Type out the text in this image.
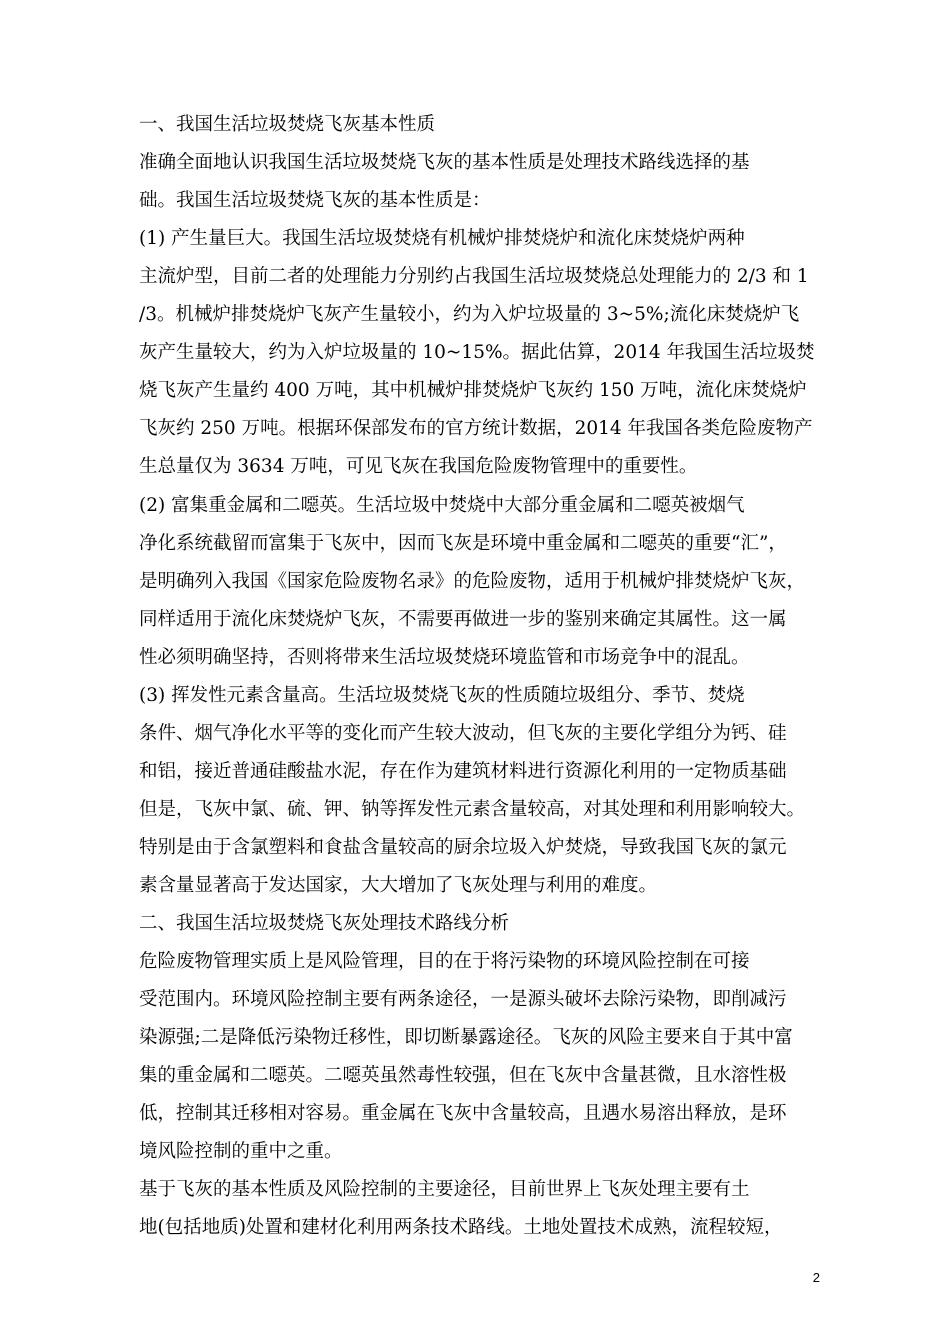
一、我国生活垃圾焚烧飞灰基本性质
准确全面地认识我国生活垃圾焚烧飞灰的基本性质是处理技术路线选择的基
础。我国生活垃圾焚烧飞灰的基本性质是：
(1) 产生量巨大。我国生活垃圾焚烧有机械炉排焚烧炉和流化床焚烧炉两种
主流炉型，目前二者的处理能力分别约占我国生活垃圾焚烧总处理能力的 2/3 和 1
/3。机械炉排焚烧炉飞灰产生量较小，约为入炉垃圾量的 3~5%;流化床焚烧炉飞
灰产生量较大，约为入炉垃圾量的 10~15%。据此估算，2014 年我国生活垃圾焚
烧飞灰产生量约 400 万吨，其中机械炉排焚烧炉飞灰约 150 万吨，流化床焚烧炉
飞灰约 250 万吨。根据环保部发布的官方统计数据，2014 年我国各类危险废物产
生总量仅为 3634 万吨，可见飞灰在我国危险废物管理中的重要性。
(2) 富集重金属和二噁英。生活垃圾中焚烧中大部分重金属和二噁英被烟气
净化系统截留而富集于飞灰中，因而飞灰是环境中重金属和二噁英的重要“汇”，
是明确列入我国《国家危险废物名录》的危险废物，适用于机械炉排焚烧炉飞灰，
同样适用于流化床焚烧炉飞灰，不需要再做进一步的鉴别来确定其属性。这一属
性必须明确坚持，否则将带来生活垃圾焚烧环境监管和市场竞争中的混乱。
(3) 挥发性元素含量高。生活垃圾焚烧飞灰的性质随垃圾组分、季节、焚烧
条件、烟气净化水平等的变化而产生较大波动，但飞灰的主要化学组分为钙、硅
和铝，接近普通硅酸盐水泥，存在作为建筑材料进行资源化利用的一定物质基础
但是，飞灰中氯、硫、钾、钠等挥发性元素含量较高，对其处理和利用影响较大。
特别是由于含氯塑料和食盐含量较高的厨余垃圾入炉焚烧，导致我国飞灰的氯元
素含量显著高于发达国家，大大增加了飞灰处理与利用的难度。
二、我国生活垃圾焚烧飞灰处理技术路线分析
危险废物管理实质上是风险管理，目的在于将污染物的环境风险控制在可接
受范围内。环境风险控制主要有两条途径，一是源头破坏去除污染物，即削减污
染源强;二是降低污染物迁移性，即切断暴露途径。飞灰的风险主要来自于其中富
集的重金属和二噁英。二噁英虽然毒性较强，但在飞灰中含量甚微，且水溶性极
低，控制其迁移相对容易。重金属在飞灰中含量较高，且遇水易溶出释放，是环
境风险控制的重中之重。
基于飞灰的基本性质及风险控制的主要途径，目前世界上飞灰处理主要有土
地(包括地质)处置和建材化利用两条技术路线。土地处置技术成熟，流程较短，
2
